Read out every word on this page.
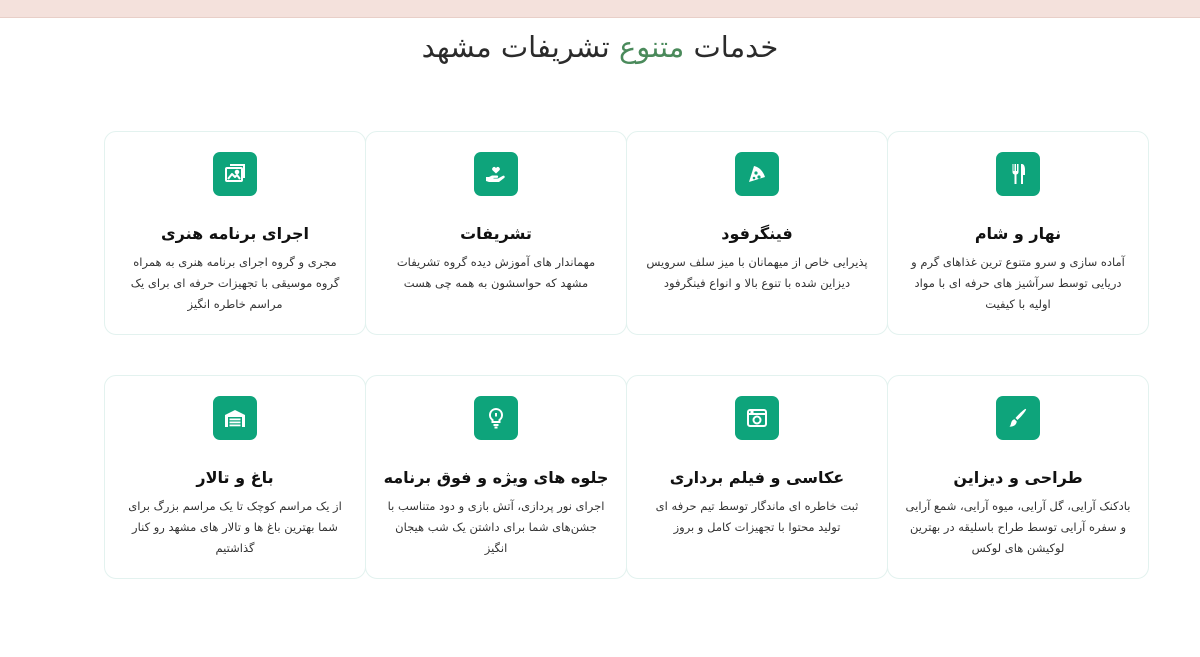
خدمات متنوع تشریفات مشهد
نهار و شام
آماده سازی و سرو متنوع ترین غذاهای گرم و دریایی توسط سرآشیز های حرفه ای با مواد اولیه با کیفیت
فینگرفود
پذیرایی خاص از میهمانان با میز سلف سرویس دیزاین شده با تنوع بالا و انواع فینگرفود
تشریفات
مهماندار های آموزش دیده گروه تشریفات مشهد که حواسشون به همه چی هست
اجرای برنامه هنری
مجری و گروه اجرای برنامه هنری به همراه گروه موسیقی با تجهیزات حرفه ای برای یک مراسم خاطره انگیز
طراحی و دیزاین
بادکنک آرایی، گل آرایی، میوه آرایی، شمع آرایی و سفره آرایی توسط طراح باسلیقه در بهترین لوکیشن های لوکس
عکاسی و فیلم برداری
ثبت خاطره ای ماندگار توسط تیم حرفه ای تولید محتوا با تجهیزات کامل و بروز
جلوه های ویژه و فوق برنامه
اجرای نور پردازی، آتش بازی و دود متناسب با جشن‌های شما برای داشتن یک شب هیجان انگیز
باغ و تالار
از یک مراسم کوچک تا یک مراسم بزرگ برای شما بهترین باغ ها و تالار های مشهد رو کنار گذاشتیم
